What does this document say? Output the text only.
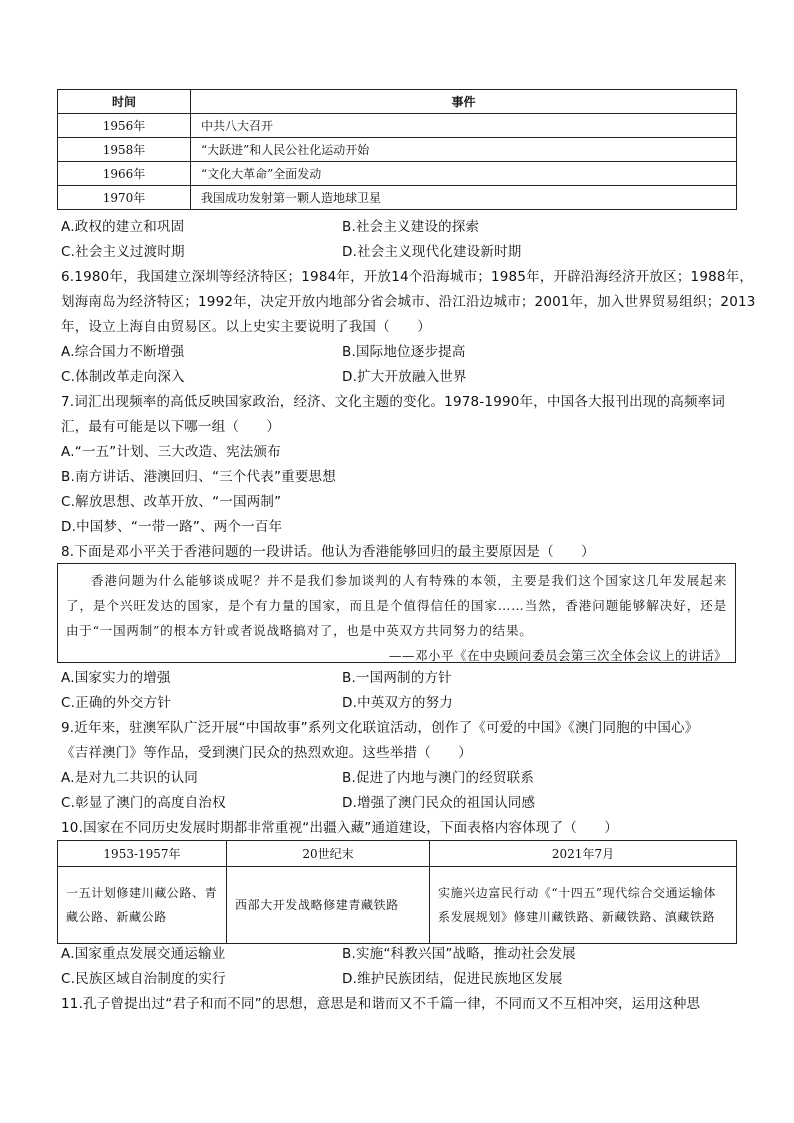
时间	事件
1956年	中共八大召开
1958年	“大跃进”和人民公社化运动开始
1966年	“文化大革命”全面发动
1970年	我国成功发射第一颗人造地球卫星
A.政权的建立和巩固	B.社会主义建设的探索
C.社会主义过渡时期	D.社会主义现代化建设新时期
6.1980年，我国建立深圳等经济特区；1984年，开放14个沿海城市；1985年，开辟沿海经济开放区；1988年，
划海南岛为经济特区；1992年，决定开放内地部分省会城市、沿江沿边城市；2001年，加入世界贸易组织；2013
年，设立上海自由贸易区。以上史实主要说明了我国（　　）
A.综合国力不断增强	B.国际地位逐步提高
C.体制改革走向深入	D.扩大开放融入世界
7.词汇出现频率的高低反映国家政治，经济、文化主题的变化。1978-1990年，中国各大报刊出现的高频率词
汇，最有可能是以下哪一组（　　）
A.“一五”计划、三大改造、宪法颁布
B.南方讲话、港澳回归、“三个代表”重要思想
C.解放思想、改革开放、“一国两制”
D.中国梦、“一带一路”、两个一百年
8.下面是邓小平关于香港问题的一段讲话。他认为香港能够回归的最主要原因是（　　）
香港问题为什么能够谈成呢？并不是我们参加谈判的人有特殊的本领，主要是我们这个国家这几年发展起来了，是个兴旺发达的国家，是个有力量的国家，而且是个值得信任的国家……当然，香港问题能够解决好，还是由于“一国两制”的根本方针或者说战略搞对了，也是中英双方共同努力的结果。
——邓小平《在中央顾问委员会第三次全体会议上的讲话》
A.国家实力的增强	B.一国两制的方针
C.正确的外交方针	D.中英双方的努力
9.近年来，驻澳军队广泛开展“中国故事”系列文化联谊活动，创作了《可爱的中国》《澳门同胞的中国心》
《吉祥澳门》等作品，受到澳门民众的热烈欢迎。这些举措（　　）
A.是对九二共识的认同	B.促进了内地与澳门的经贸联系
C.彰显了澳门的高度自治权	D.增强了澳门民众的祖国认同感
10.国家在不同历史发展时期都非常重视“出疆入藏”通道建设，下面表格内容体现了（　　）
1953-1957年	20世纪末	2021年7月
一五计划修建川藏公路、青藏公路、新藏公路	西部大开发战略修建青藏铁路	实施兴边富民行动《“十四五”现代综合交通运输体系发展规划》修建川藏铁路、新藏铁路、滇藏铁路
A.国家重点发展交通运输业	B.实施“科教兴国”战略，推动社会发展
C.民族区域自治制度的实行	D.维护民族团结，促进民族地区发展
11.孔子曾提出过“君子和而不同”的思想，意思是和谐而又不千篇一律，不同而又不互相冲突，运用这种思
